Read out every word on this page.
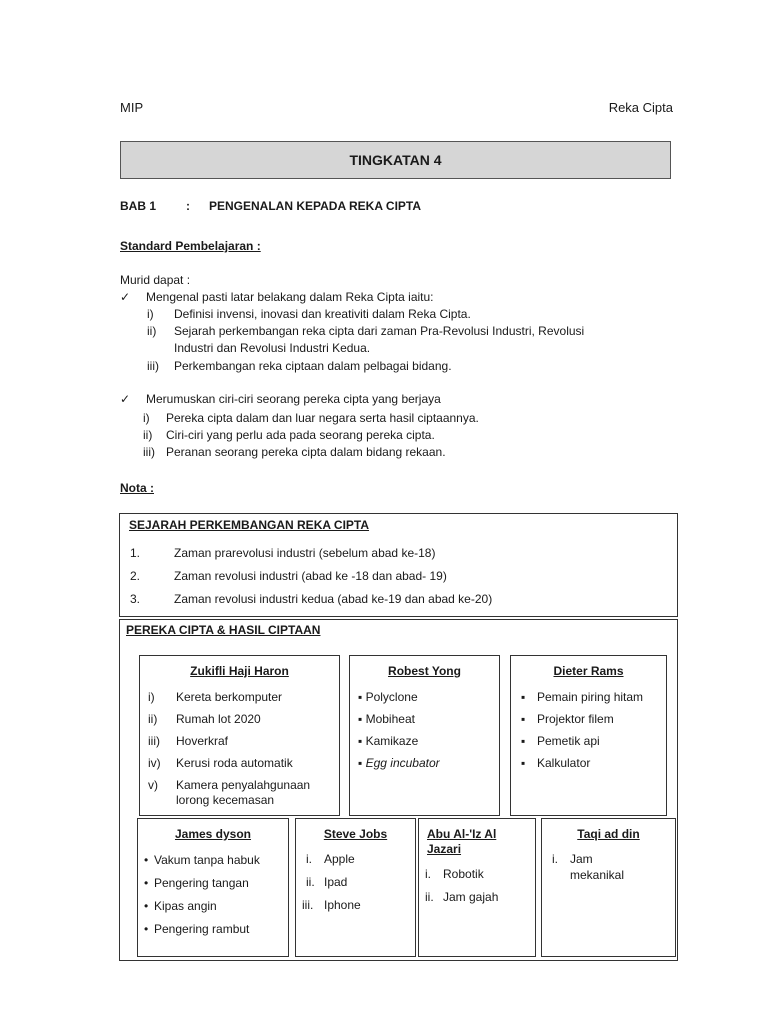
MIP	Reka Cipta
TINGKATAN 4
BAB 1 : PENGENALAN KEPADA REKA CIPTA
Standard Pembelajaran :
Murid dapat :
✓ Mengenal pasti latar belakang dalam Reka Cipta iaitu:
i) Definisi invensi, inovasi dan kreativiti dalam Reka Cipta.
ii) Sejarah perkembangan reka cipta dari zaman Pra-Revolusi Industri, Revolusi
Industri dan Revolusi Industri Kedua.
iii) Perkembangan reka ciptaan dalam pelbagai bidang.
✓ Merumuskan ciri-ciri seorang pereka cipta yang berjaya
i) Pereka cipta dalam dan luar negara serta hasil ciptaannya.
ii) Ciri-ciri yang perlu ada pada seorang pereka cipta.
iii) Peranan seorang pereka cipta dalam bidang rekaan.
Nota :
SEJARAH PERKEMBANGAN REKA CIPTA
1.	Zaman prarevolusi industri (sebelum abad ke-18)
2.	Zaman revolusi industri (abad ke -18 dan abad- 19)
3.	Zaman revolusi industri kedua (abad ke-19 dan abad ke-20)
PEREKA CIPTA & HASIL CIPTAAN
Zukifli Haji Haron
i) Kereta berkomputer
ii) Rumah lot 2020
iii) Hoverkraf
iv) Kerusi roda automatik
v) Kamera penyalahgunaan
lorong kecemasan
Robest Yong
▪ Polyclone
▪ Mobiheat
▪ Kamikaze
▪ Egg incubator
Dieter Rams
▪ Pemain piring hitam
▪ Projektor filem
▪ Pemetik api
▪ Kalkulator
James dyson
• Vakum tanpa habuk
• Pengering tangan
• Kipas angin
• Pengering rambut
Steve Jobs
i. Apple
ii. Ipad
iii. Iphone
Abu Al-'Iz Al
Jazari
i. Robotik
ii. Jam gajah
Taqi ad din
i. Jam
mekanikal
